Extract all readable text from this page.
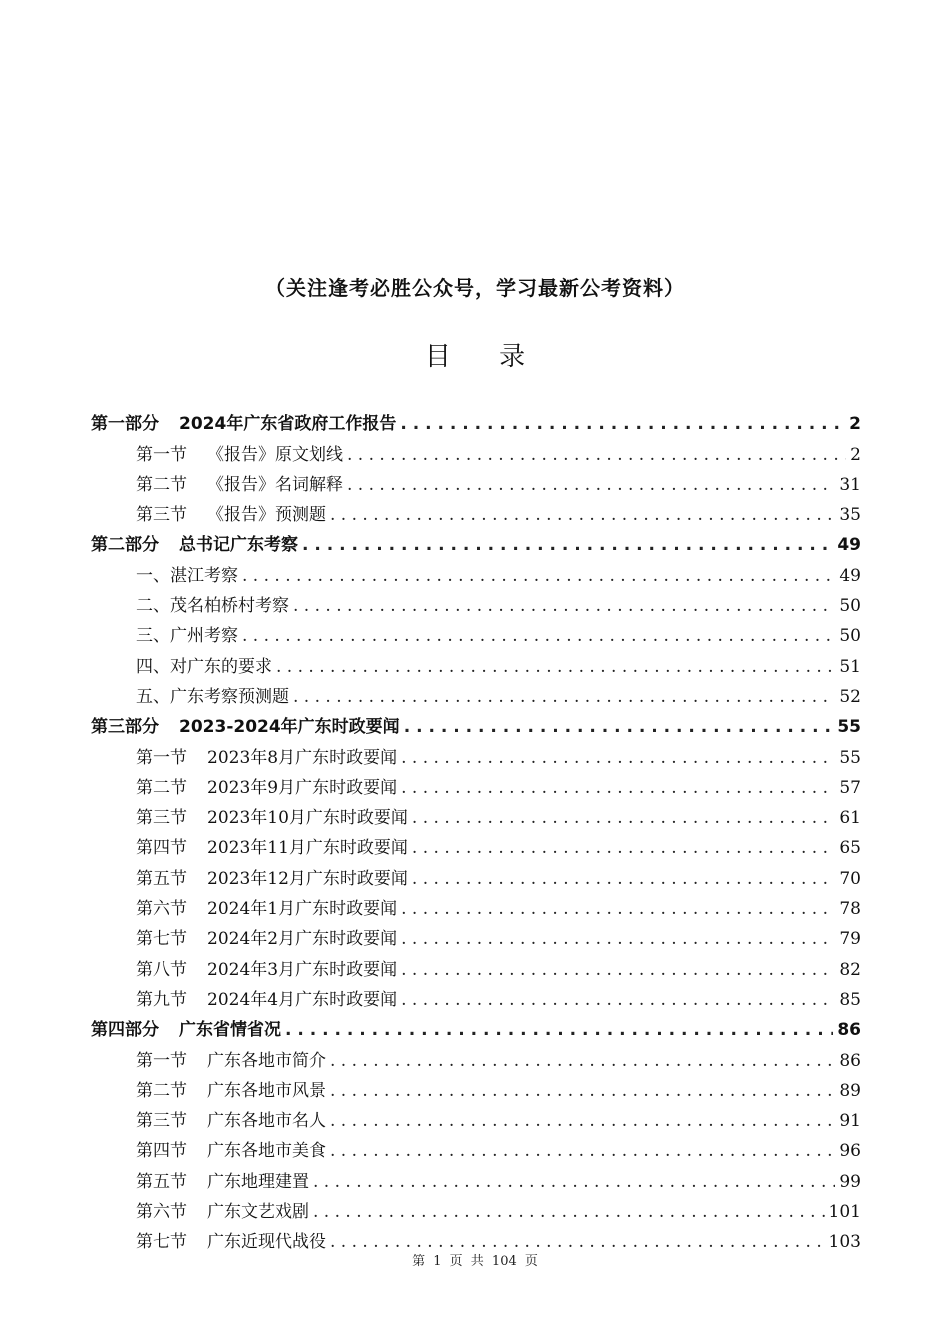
（关注逢考必胜公众号，学习最新公考资料）
目 录
第一部分 2024年广东省政府工作报告 . . .	2
第一节 《报告》原文划线 . . .	2
第二节 《报告》名词解释 . . .	31
第三节 《报告》预测题 . . .	35
第二部分 总书记广东考察 . . .	49
一、湛江考察 . . .	49
二、茂名柏桥村考察 . . .	50
三、广州考察 . . .	50
四、对广东的要求 . . .	51
五、广东考察预测题 . . .	52
第三部分 2023-2024年广东时政要闻 . . .	55
第一节 2023年8月广东时政要闻 . . .	55
第二节 2023年9月广东时政要闻 . . .	57
第三节 2023年10月广东时政要闻 . . .	61
第四节 2023年11月广东时政要闻 . . .	65
第五节 2023年12月广东时政要闻 . . .	70
第六节 2024年1月广东时政要闻 . . .	78
第七节 2024年2月广东时政要闻 . . .	79
第八节 2024年3月广东时政要闻 . . .	82
第九节 2024年4月广东时政要闻 . . .	85
第四部分 广东省情省况 . . .	86
第一节 广东各地市简介 . . .	86
第二节 广东各地市风景 . . .	89
第三节 广东各地市名人 . . .	91
第四节 广东各地市美食 . . .	96
第五节 广东地理建置 . . .	99
第六节 广东文艺戏剧 . . .	101
第七节 广东近现代战役 . . .	103
第 1 页 共 104 页
